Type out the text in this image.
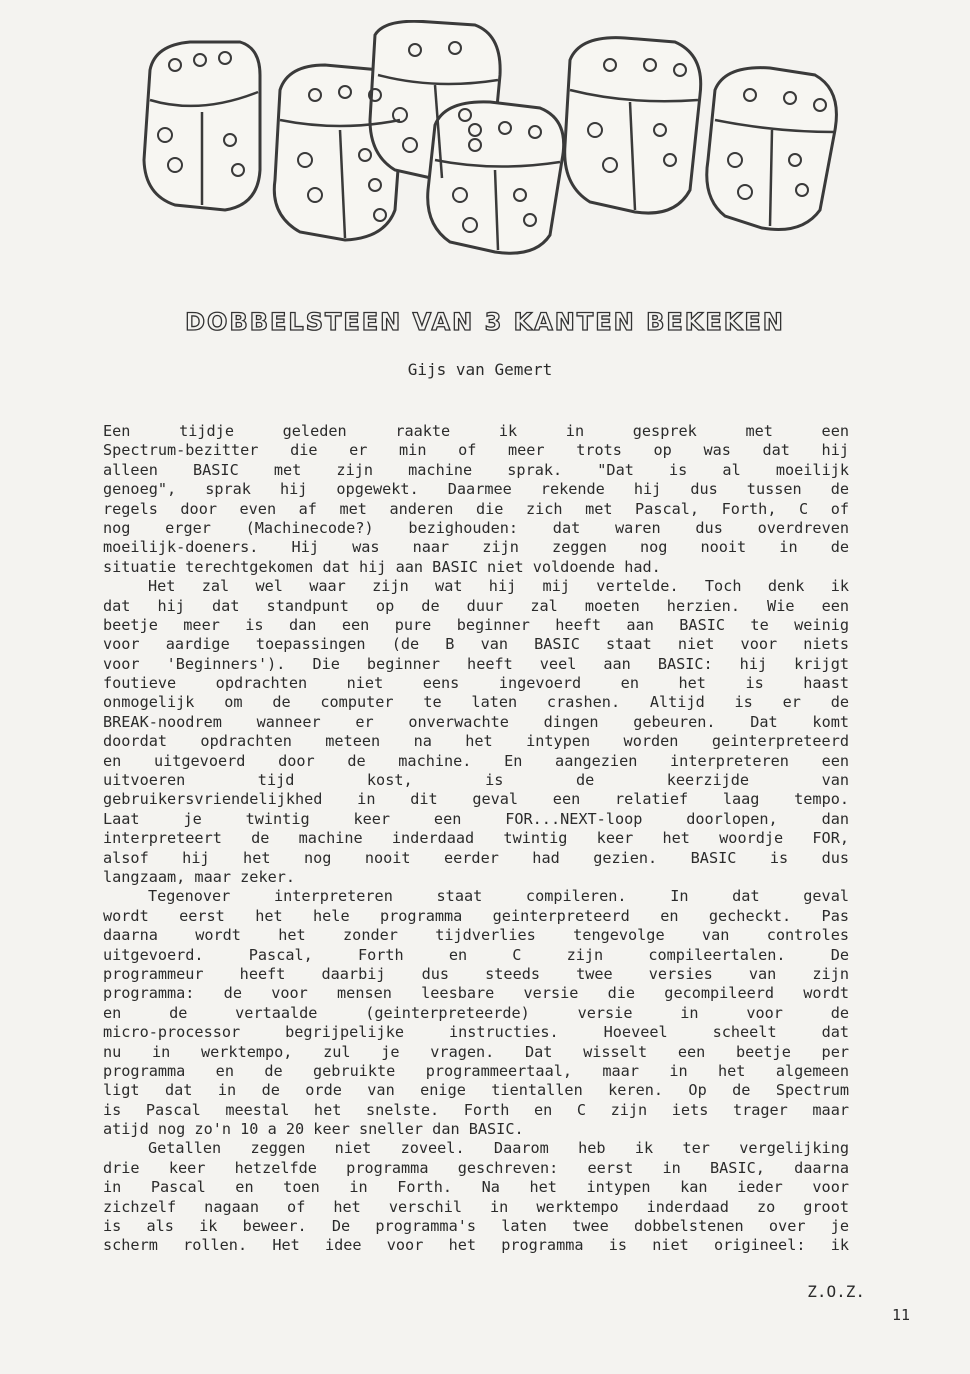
DOBBELSTEEN VAN 3 KANTEN BEKEKEN
Gijs van Gemert
Een tijdje geleden raakte ik in gesprek met een
Spectrum-bezitter die er min of meer trots op was dat hij
alleen BASIC met zijn machine sprak. "Dat is al moeilijk
genoeg", sprak hij opgewekt. Daarmee rekende hij dus tussen de
regels door even af met anderen die zich met Pascal, Forth, C of
nog erger (Machinecode?) bezighouden: dat waren dus overdreven
moeilijk-doeners. Hij was naar zijn zeggen nog nooit in de
situatie terechtgekomen dat hij aan BASIC niet voldoende had.
Het zal wel waar zijn wat hij mij vertelde. Toch denk ik
dat hij dat standpunt op de duur zal moeten herzien. Wie een
beetje meer is dan een pure beginner heeft aan BASIC te weinig
voor aardige toepassingen (de B van BASIC staat niet voor niets
voor 'Beginners'). Die beginner heeft veel aan BASIC: hij krijgt
foutieve opdrachten niet eens ingevoerd en het is haast
onmogelijk om de computer te laten crashen. Altijd is er de
BREAK-noodrem wanneer er onverwachte dingen gebeuren. Dat komt
doordat opdrachten meteen na het intypen worden geinterpreteerd
en uitgevoerd door de machine. En aangezien interpreteren een
uitvoeren tijd kost, is de keerzijde van
gebruikersvriendelijkhed in dit geval een relatief laag tempo.
Laat je twintig keer een FOR...NEXT-loop doorlopen, dan
interpreteert de machine inderdaad twintig keer het woordje FOR,
alsof hij het nog nooit eerder had gezien. BASIC is dus
langzaam, maar zeker.
Tegenover interpreteren staat compileren. In dat geval
wordt eerst het hele programma geinterpreteerd en gecheckt. Pas
daarna wordt het zonder tijdverlies tengevolge van controles
uitgevoerd. Pascal, Forth en C zijn compileertalen. De
programmeur heeft daarbij dus steeds twee versies van zijn
programma: de voor mensen leesbare versie die gecompileerd wordt
en de vertaalde (geinterpreteerde) versie in voor de
micro-processor begrijpelijke instructies. Hoeveel scheelt dat
nu in werktempo, zul je vragen. Dat wisselt een beetje per
programma en de gebruikte programmeertaal, maar in het algemeen
ligt dat in de orde van enige tientallen keren. Op de Spectrum
is Pascal meestal het snelste. Forth en C zijn iets trager maar
atijd nog zo'n 10 a 20 keer sneller dan BASIC.
Getallen zeggen niet zoveel. Daarom heb ik ter vergelijking
drie keer hetzelfde programma geschreven: eerst in BASIC, daarna
in Pascal en toen in Forth. Na het intypen kan ieder voor
zichzelf nagaan of het verschil in werktempo inderdaad zo groot
is als ik beweer. De programma's laten twee dobbelstenen over je
scherm rollen. Het idee voor het programma is niet origineel: ik
Z.O.Z.
11
